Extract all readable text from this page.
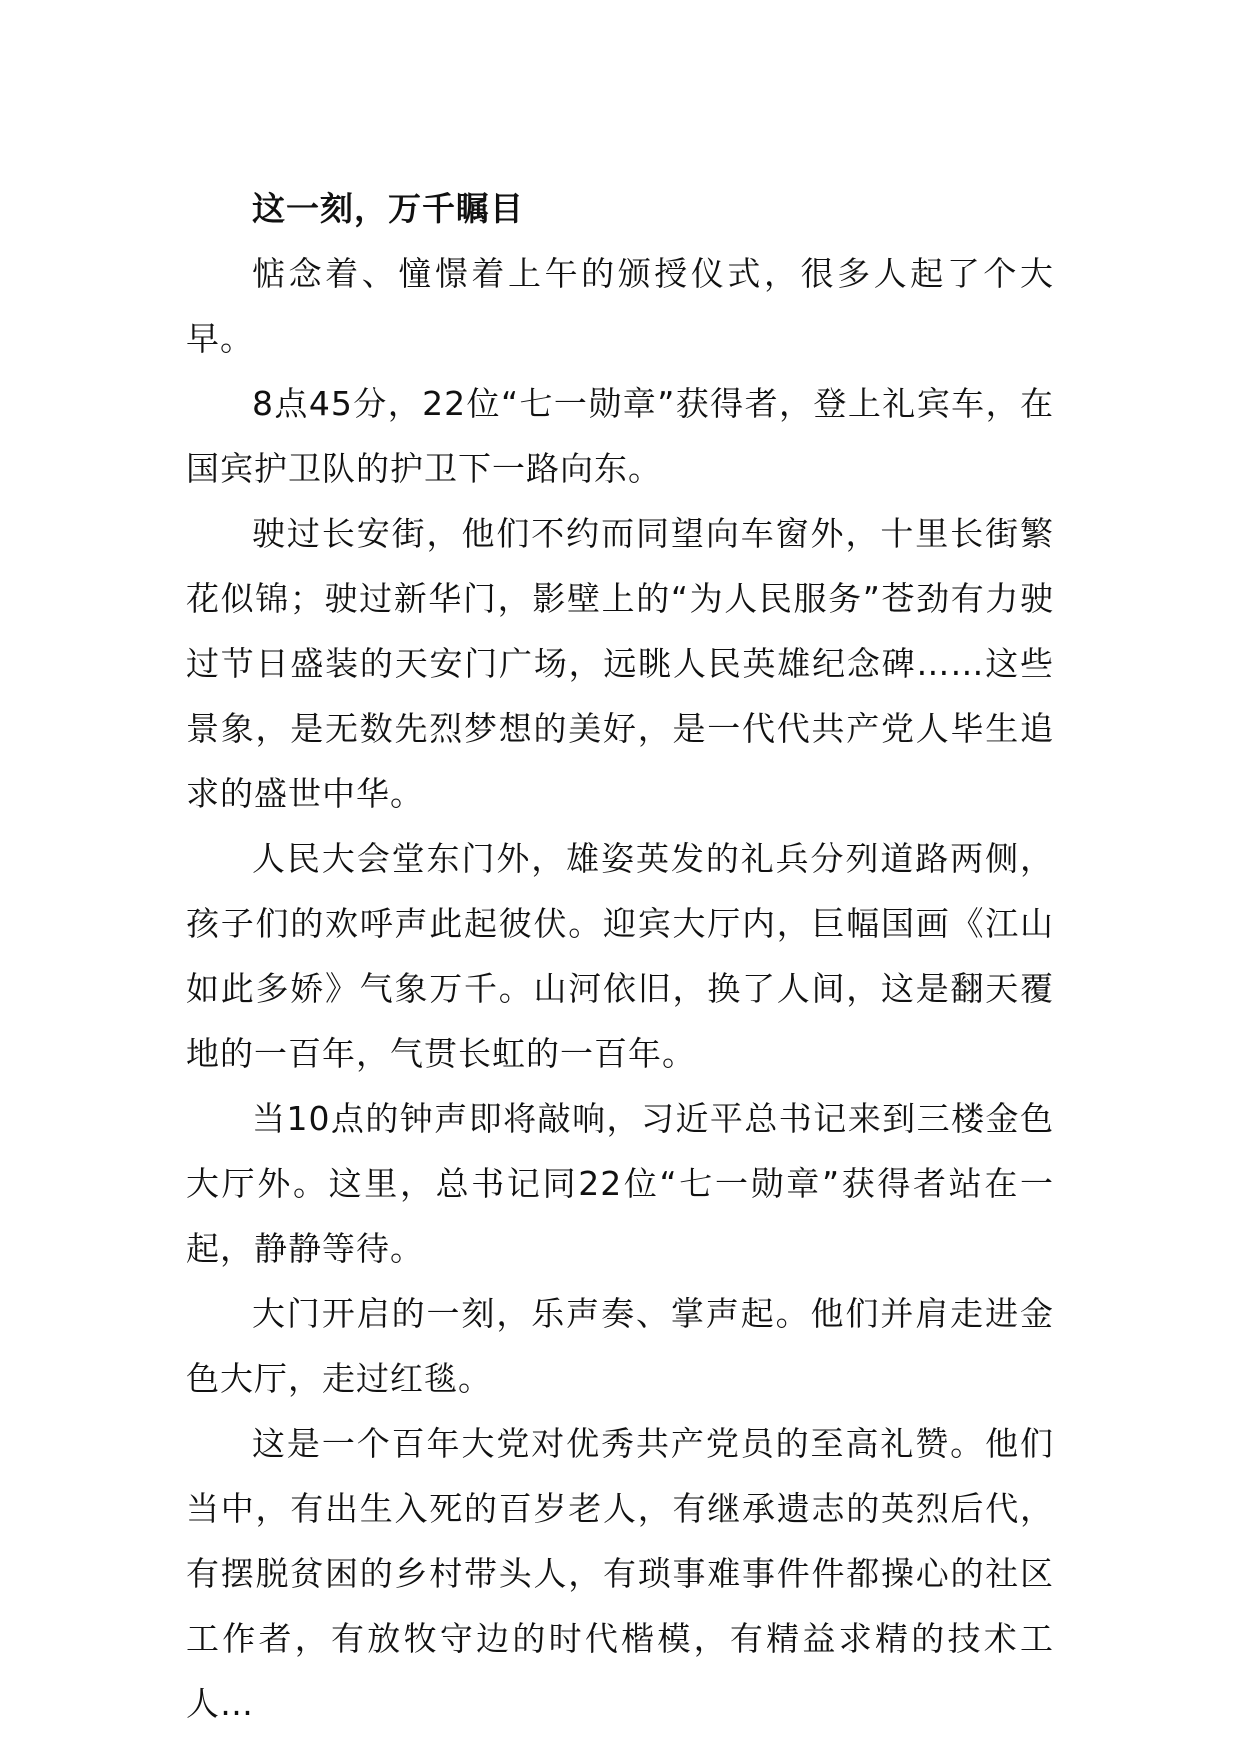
这一刻，万千瞩目

惦念着、憧憬着上午的颁授仪式，很多人起了个大早。

8点45分，22位“七一勋章”获得者，登上礼宾车，在国宾护卫队的护卫下一路向东。

驶过长安街，他们不约而同望向车窗外，十里长街繁花似锦；驶过新华门，影壁上的“为人民服务”苍劲有力驶过节日盛装的天安门广场，远眺人民英雄纪念碑……这些景象，是无数先烈梦想的美好，是一代代共产党人毕生追求的盛世中华。

人民大会堂东门外，雄姿英发的礼兵分列道路两侧，孩子们的欢呼声此起彼伏。迎宾大厅内，巨幅国画《江山如此多娇》气象万千。山河依旧，换了人间，这是翻天覆地的一百年，气贯长虹的一百年。

当10点的钟声即将敲响，习近平总书记来到三楼金色大厅外。这里，总书记同22位“七一勋章”获得者站在一起，静静等待。

大门开启的一刻，乐声奏、掌声起。他们并肩走进金色大厅，走过红毯。

这是一个百年大党对优秀共产党员的至高礼赞。他们当中，有出生入死的百岁老人，有继承遗志的英烈后代，有摆脱贫困的乡村带头人，有琐事难事件件都操心的社区工作者，有放牧守边的时代楷模，有精益求精的技术工人…
